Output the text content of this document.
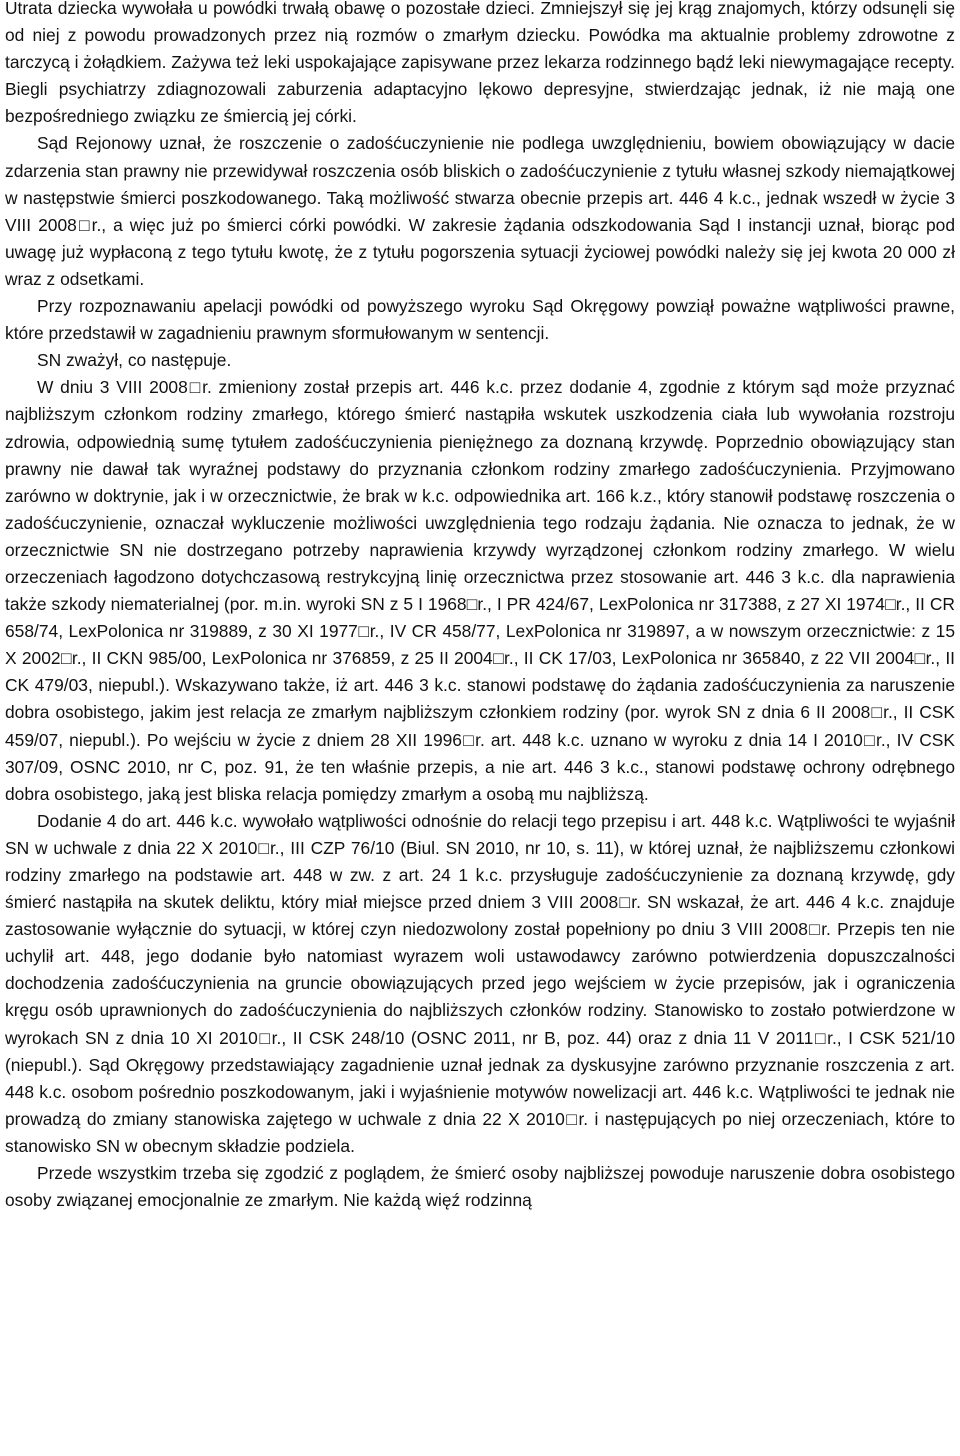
Utrata dziecka wywołała u powódki trwałą obawę o pozostałe dzieci. Zmniejszył się jej krąg znajomych, którzy odsunęli się od niej z powodu prowadzonych przez nią rozmów o zmarłym dziecku. Powódka ma aktualnie problemy zdrowotne z tarczycą i żołądkiem. Zażywa też leki uspokajające zapisywane przez lekarza rodzinnego bądź leki niewymagające recepty. Biegli psychiatrzy zdiagnozowali zaburzenia adaptacyjno lękowo depresyjne, stwierdzając jednak, iż nie mają one bezpośredniego związku ze śmiercią jej córki.

Sąd Rejonowy uznał, że roszczenie o zadośćuczynienie nie podlega uwzględnieniu, bowiem obowiązujący w dacie zdarzenia stan prawny nie przewidywał roszczenia osób bliskich o zadośćuczynienie z tytułu własnej szkody niemajątkowej w następstwie śmierci poszkodowanego. Taką możliwość stwarza obecnie przepis art. 446 4 k.c., jednak wszedł w życie 3 VIII 2008□r., a więc już po śmierci córki powódki. W zakresie żądania odszkodowania Sąd I instancji uznał, biorąc pod uwagę już wypłaconą z tego tytułu kwotę, że z tytułu pogorszenia sytuacji życiowej powódki należy się jej kwota 20 000 zł wraz z odsetkami.

Przy rozpoznawaniu apelacji powódki od powyższego wyroku Sąd Okręgowy powziął poważne wątpliwości prawne, które przedstawił w zagadnieniu prawnym sformułowanym w sentencji.

SN zważył, co następuje.

W dniu 3 VIII 2008□r. zmieniony został przepis art. 446 k.c. przez dodanie 4, zgodnie z którym sąd może przyznać najbliższym członkom rodziny zmarłego, którego śmierć nastąpiła wskutek uszkodzenia ciała lub wywołania rozstroju zdrowia, odpowiednią sumę tytułem zadośćuczynienia pieniężnego za doznaną krzywdę. Poprzednio obowiązujący stan prawny nie dawał tak wyraźnej podstawy do przyznania członkom rodziny zmarłego zadośćuczynienia. Przyjmowano zarówno w doktrynie, jak i w orzecznictwie, że brak w k.c. odpowiednika art. 166 k.z., który stanowił podstawę roszczenia o zadośćuczynienie, oznaczał wykluczenie możliwości uwzględnienia tego rodzaju żądania. Nie oznacza to jednak, że w orzecznictwie SN nie dostrzegano potrzeby naprawienia krzywdy wyrządzonej członkom rodziny zmarłego. W wielu orzeczeniach łagodzono dotychczasową restrykcyjną linię orzecznictwa przez stosowanie art. 446 3 k.c. dla naprawienia także szkody niematerialnej (por. m.in. wyroki SN z 5 I 1968□r., I PR 424/67, LexPolonica nr 317388, z 27 XI 1974□r., II CR 658/74, LexPolonica nr 319889, z 30 XI 1977□r., IV CR 458/77, LexPolonica nr 319897, a w nowszym orzecznictwie: z 15 X 2002□r., II CKN 985/00, LexPolonica nr 376859, z 25 II 2004□r., II CK 17/03, LexPolonica nr 365840, z 22 VII 2004□r., II CK 479/03, niepubl.). Wskazywano także, iż art. 446 3 k.c. stanowi podstawę do żądania zadośćuczynienia za naruszenie dobra osobistego, jakim jest relacja ze zmarłym najbliższym członkiem rodziny (por. wyrok SN z dnia 6 II 2008□r., II CSK 459/07, niepubl.). Po wejściu w życie z dniem 28 XII 1996□r. art. 448 k.c. uznano w wyroku z dnia 14 I 2010□r., IV CSK 307/09, OSNC 2010, nr C, poz. 91, że ten właśnie przepis, a nie art. 446 3 k.c., stanowi podstawę ochrony odrębnego dobra osobistego, jaką jest bliska relacja pomiędzy zmarłym a osobą mu najbliższą.

Dodanie 4 do art. 446 k.c. wywołało wątpliwości odnośnie do relacji tego przepisu i art. 448 k.c. Wątpliwości te wyjaśnił SN w uchwale z dnia 22 X 2010□r., III CZP 76/10 (Biul. SN 2010, nr 10, s. 11), w której uznał, że najbliższemu członkowi rodziny zmarłego na podstawie art. 448 w zw. z art. 24 1 k.c. przysługuje zadośćuczynienie za doznaną krzywdę, gdy śmierć nastąpiła na skutek deliktu, który miał miejsce przed dniem 3 VIII 2008□r. SN wskazał, że art. 446 4 k.c. znajduje zastosowanie wyłącznie do sytuacji, w której czyn niedozwolony został popełniony po dniu 3 VIII 2008□r. Przepis ten nie uchylił art. 448, jego dodanie było natomiast wyrazem woli ustawodawcy zarówno potwierdzenia dopuszczalności dochodzenia zadośćuczynienia na gruncie obowiązujących przed jego wejściem w życie przepisów, jak i ograniczenia kręgu osób uprawnionych do zadośćuczynienia do najbliższych członków rodziny. Stanowisko to zostało potwierdzone w wyrokach SN z dnia 10 XI 2010□r., II CSK 248/10 (OSNC 2011, nr B, poz. 44) oraz z dnia 11 V 2011□r., I CSK 521/10 (niepubl.). Sąd Okręgowy przedstawiający zagadnienie uznał jednak za dyskusyjne zarówno przyznanie roszczenia z art. 448 k.c. osobom pośrednio poszkodowanym, jaki i wyjaśnienie motywów nowelizacji art. 446 k.c. Wątpliwości te jednak nie prowadzą do zmiany stanowiska zajętego w uchwale z dnia 22 X 2010□r. i następujących po niej orzeczeniach, które to stanowisko SN w obecnym składzie podziela.

Przede wszystkim trzeba się zgodzić z poglądem, że śmierć osoby najbliższej powoduje naruszenie dobra osobistego osoby związanej emocjonalnie ze zmarłym. Nie każdą więź rodzinną
